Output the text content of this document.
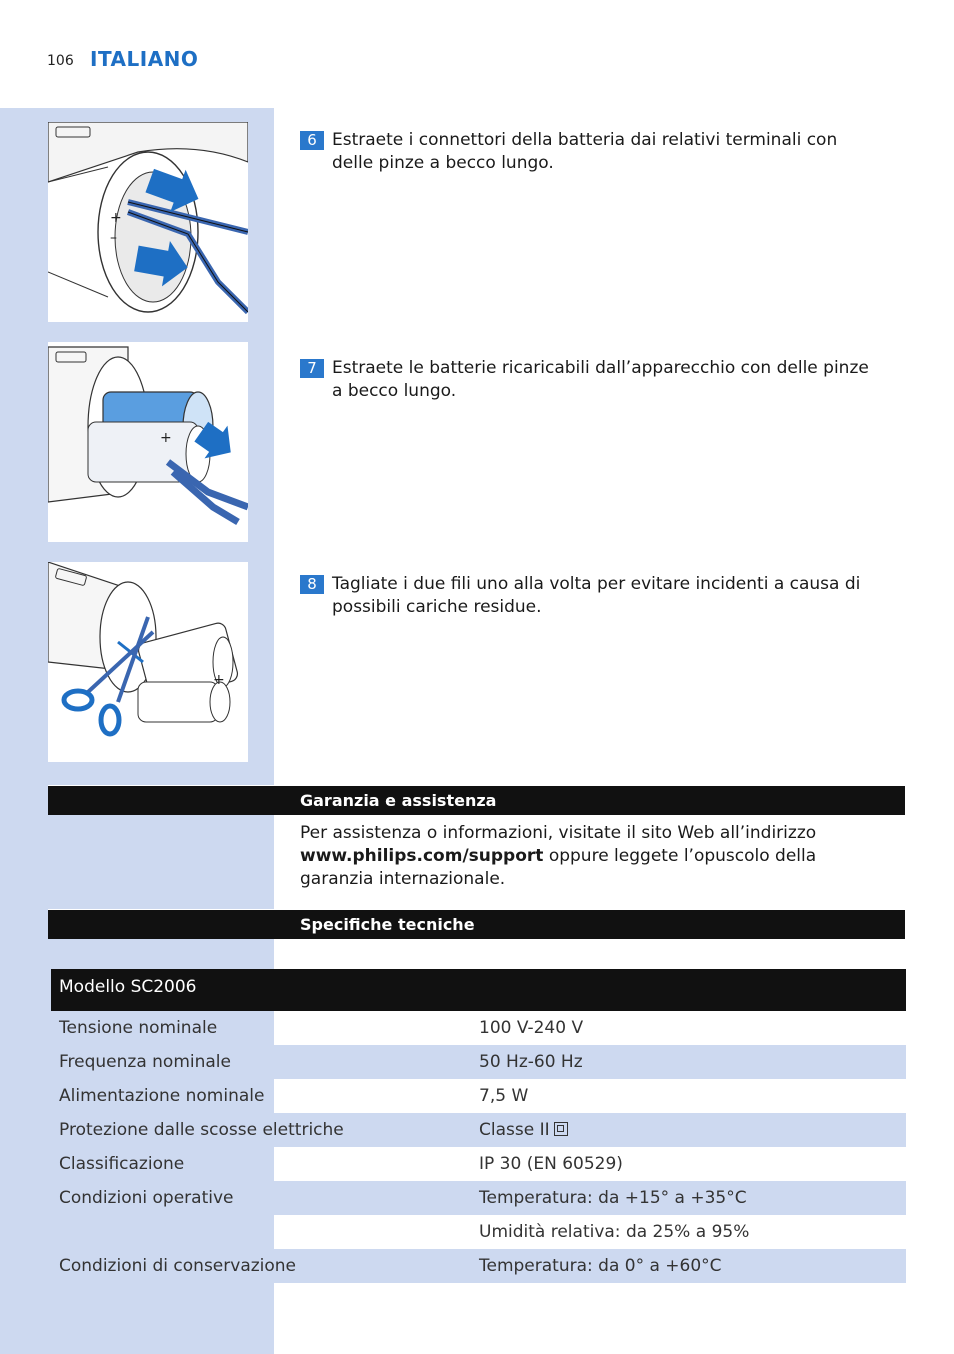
106 ITALIANO
+
–
+
+
6 Estraete i connettori della batteria dai relativi terminali con delle pinze a becco lungo.
7 Estraete le batterie ricaricabili dall’apparecchio con delle pinze a becco lungo.
8 Tagliate i due fili uno alla volta per evitare incidenti a causa di possibili cariche residue.
Garanzia e assistenza
Per assistenza o informazioni, visitate il sito Web all’indirizzo www.philips.com/support oppure leggete l’opuscolo della garanzia internazionale.
Specifiche tecniche
Modello SC2006
Tensione nominale	100 V-240 V
Frequenza nominale	50 Hz-60 Hz
Alimentazione nominale	7,5 W
Protezione dalle scosse elettriche	Classe II
Classificazione	IP 30 (EN 60529)
Condizioni operative	Temperatura: da +15° a +35°C
Umidità relativa: da 25% a 95%
Condizioni di conservazione	Temperatura: da 0° a +60°C
